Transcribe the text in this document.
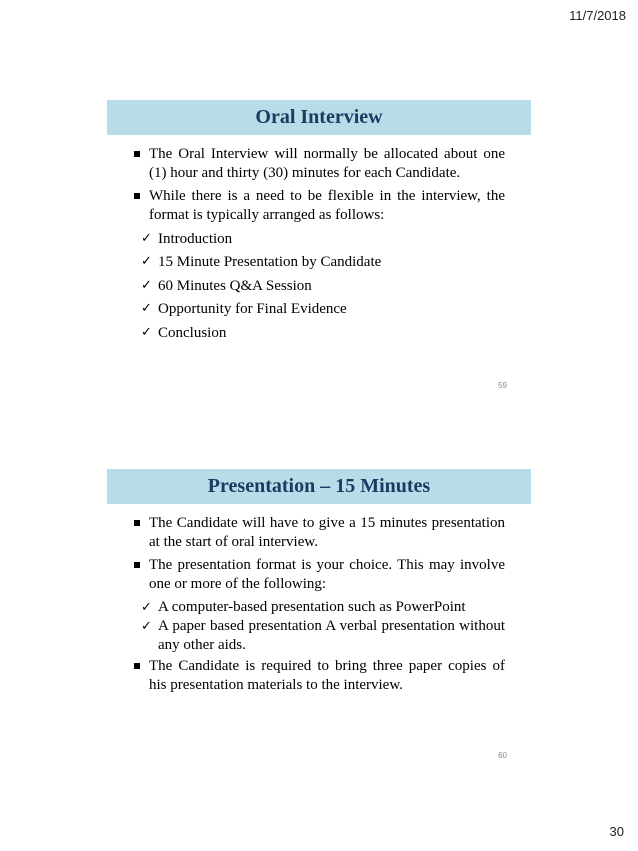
11/7/2018
Oral Interview
The Oral Interview will normally be allocated about one (1) hour and thirty (30) minutes for each Candidate.
While there is a need to be flexible in the interview, the format is typically arranged as follows:
✓ Introduction
✓ 15 Minute Presentation by Candidate
✓ 60 Minutes Q&A Session
✓ Opportunity for Final Evidence
✓ Conclusion
59
Presentation – 15 Minutes
The Candidate will have to give a 15 minutes presentation at the start of oral interview.
The presentation format is your choice. This may involve one or more of the following:
✓ A computer-based presentation such as PowerPoint
✓ A paper based presentation A verbal presentation without any other aids.
The Candidate is required to bring three paper copies of his presentation materials to the interview.
60
30
